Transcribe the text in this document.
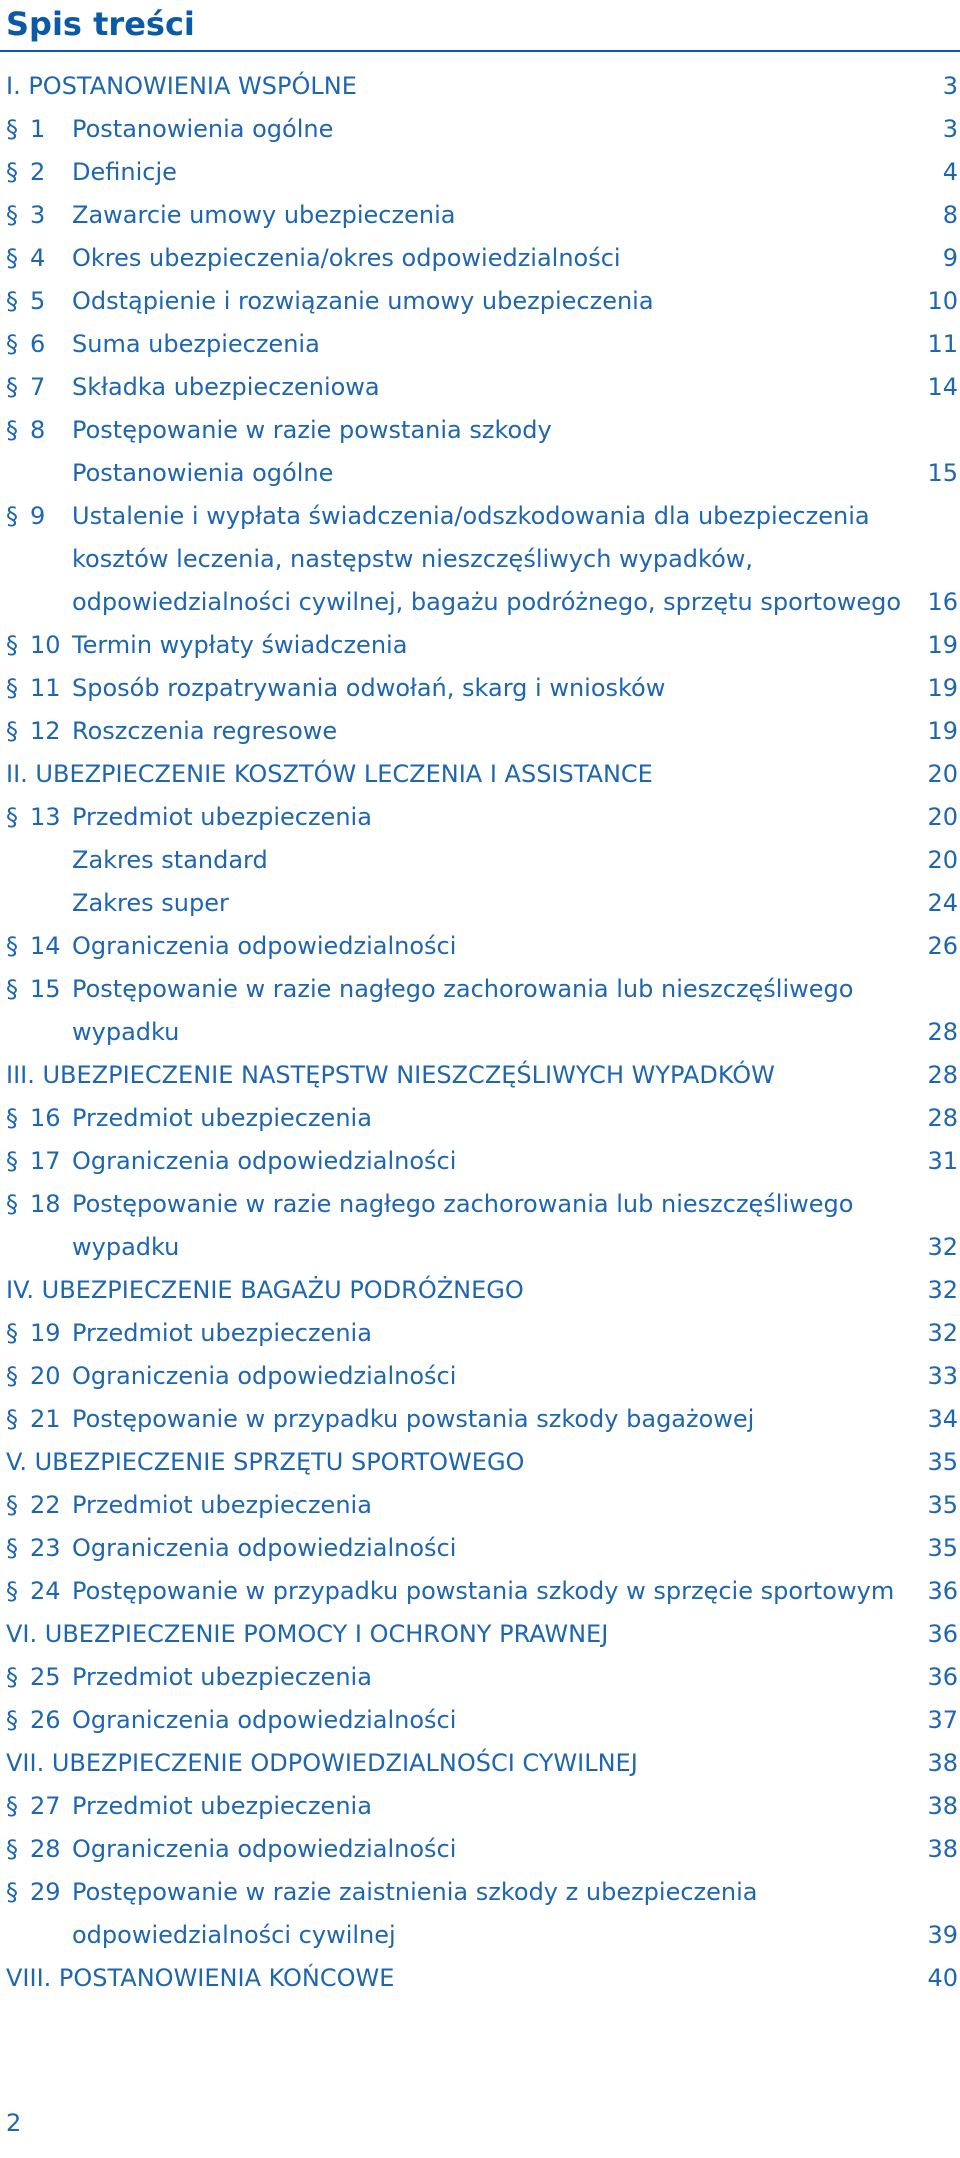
Spis treści
I. POSTANOWIENIA WSPÓLNE	3
§ 1 Postanowienia ogólne	3
§ 2 Definicje	4
§ 3 Zawarcie umowy ubezpieczenia	8
§ 4 Okres ubezpieczenia/okres odpowiedzialności	9
§ 5 Odstąpienie i rozwiązanie umowy ubezpieczenia	10
§ 6 Suma ubezpieczenia	11
§ 7 Składka ubezpieczeniowa	14
§ 8 Postępowanie w razie powstania szkody
Postanowienia ogólne	15
§ 9 Ustalenie i wypłata świadczenia/odszkodowania dla ubezpieczenia
kosztów leczenia, następstw nieszczęśliwych wypadków,
odpowiedzialności cywilnej, bagażu podróżnego, sprzętu sportowego 16
§ 10 Termin wypłaty świadczenia	19
§ 11 Sposób rozpatrywania odwołań, skarg i wniosków	19
§ 12 Roszczenia regresowe	19
II. UBEZPIECZENIE KOSZTÓW LECZENIA I ASSISTANCE	20
§ 13 Przedmiot ubezpieczenia	20
Zakres standard	20
Zakres super	24
§ 14 Ograniczenia odpowiedzialności	26
§ 15 Postępowanie w razie nagłego zachorowania lub nieszczęśliwego
wypadku	28
III. UBEZPIECZENIE NASTĘPSTW NIESZCZĘŚLIWYCH WYPADKÓW	28
§ 16 Przedmiot ubezpieczenia	28
§ 17 Ograniczenia odpowiedzialności	31
§ 18 Postępowanie w razie nagłego zachorowania lub nieszczęśliwego
wypadku	32
IV. UBEZPIECZENIE BAGAŻU PODRÓŻNEGO	32
§ 19 Przedmiot ubezpieczenia	32
§ 20 Ograniczenia odpowiedzialności	33
§ 21 Postępowanie w przypadku powstania szkody bagażowej	34
V. UBEZPIECZENIE SPRZĘTU SPORTOWEGO	35
§ 22 Przedmiot ubezpieczenia	35
§ 23 Ograniczenia odpowiedzialności	35
§ 24 Postępowanie w przypadku powstania szkody w sprzęcie sportowym 36
VI. UBEZPIECZENIE POMOCY I OCHRONY PRAWNEJ	36
§ 25 Przedmiot ubezpieczenia	36
§ 26 Ograniczenia odpowiedzialności	37
VII. UBEZPIECZENIE ODPOWIEDZIALNOŚCI CYWILNEJ	38
§ 27 Przedmiot ubezpieczenia	38
§ 28 Ograniczenia odpowiedzialności	38
§ 29 Postępowanie w razie zaistnienia szkody z ubezpieczenia
odpowiedzialności cywilnej	39
VIII. POSTANOWIENIA KOŃCOWE	40
2
